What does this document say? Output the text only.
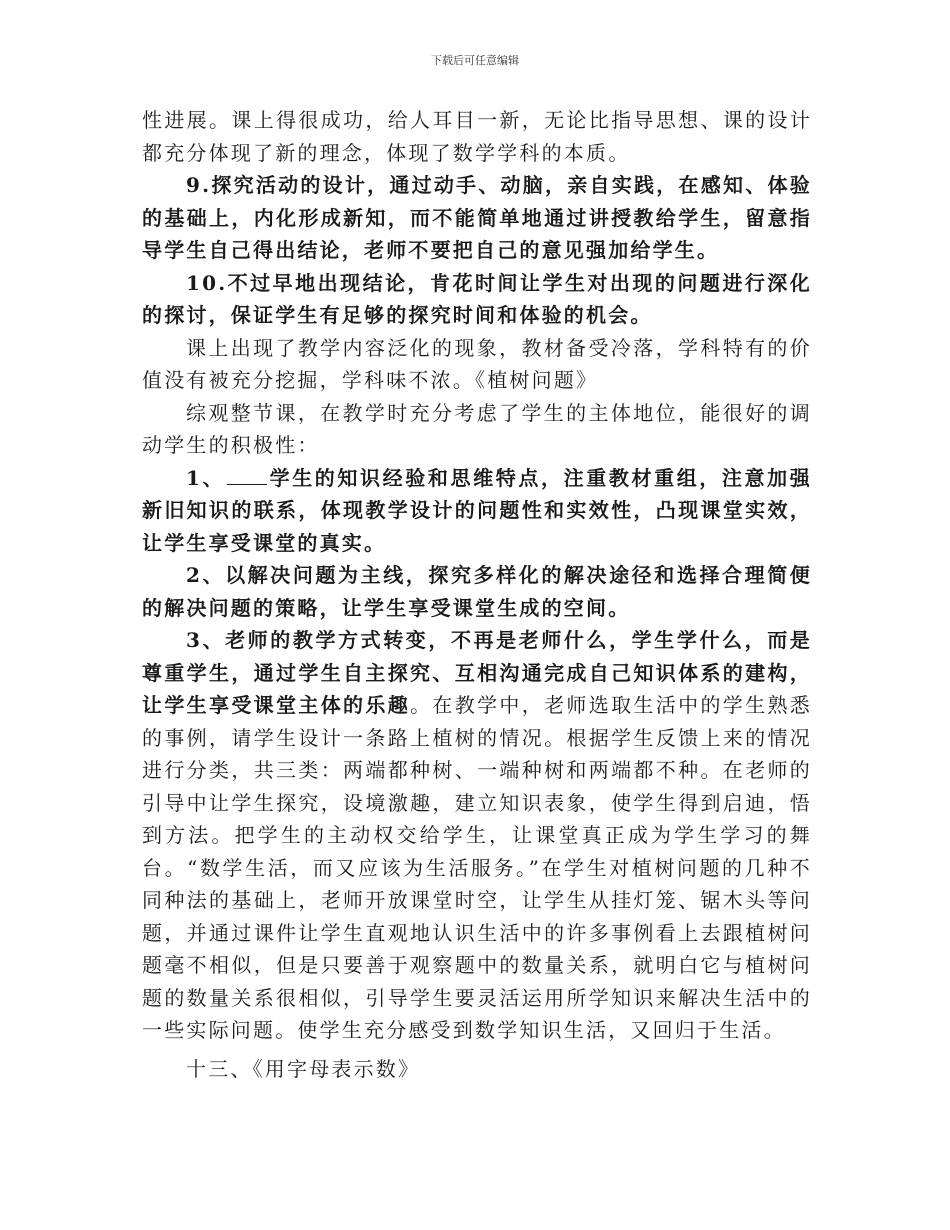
下载后可任意编辑

性进展。课上得很成功，给人耳目一新，无论比指导思想、课的设计都充分体现了新的理念，体现了数学学科的本质。

9.探究活动的设计，通过动手、动脑，亲自实践，在感知、体验的基础上，内化形成新知，而不能简单地通过讲授教给学生，留意指导学生自己得出结论，老师不要把自己的意见强加给学生。

10.不过早地出现结论，肯花时间让学生对出现的问题进行深化的探讨，保证学生有足够的探究时间和体验的机会。

课上出现了教学内容泛化的现象，教材备受冷落，学科特有的价值没有被充分挖掘，学科味不浓。《植树问题》

综观整节课，在教学时充分考虑了学生的主体地位，能很好的调动学生的积极性：

1、 学生的知识经验和思维特点，注重教材重组，注意加强新旧知识的联系，体现教学设计的问题性和实效性，凸现课堂实效，让学生享受课堂的真实。

2、以解决问题为主线，探究多样化的解决途径和选择合理简便的解决问题的策略，让学生享受课堂生成的空间。

3、老师的教学方式转变，不再是老师什么，学生学什么，而是尊重学生，通过学生自主探究、互相沟通完成自己知识体系的建构，让学生享受课堂主体的乐趣。在教学中，老师选取生活中的学生熟悉的事例，请学生设计一条路上植树的情况。根据学生反馈上来的情况进行分类，共三类：两端都种树、一端种树和两端都不种。在老师的引导中让学生探究，设境激趣，建立知识表象，使学生得到启迪，悟到方法。把学生的主动权交给学生，让课堂真正成为学生学习的舞台。“数学生活，而又应该为生活服务。”在学生对植树问题的几种不同种法的基础上，老师开放课堂时空，让学生从挂灯笼、锯木头等问题，并通过课件让学生直观地认识生活中的许多事例看上去跟植树问题毫不相似，但是只要善于观察题中的数量关系，就明白它与植树问题的数量关系很相似，引导学生要灵活运用所学知识来解决生活中的一些实际问题。使学生充分感受到数学知识生活，又回归于生活。

十三、《用字母表示数》
